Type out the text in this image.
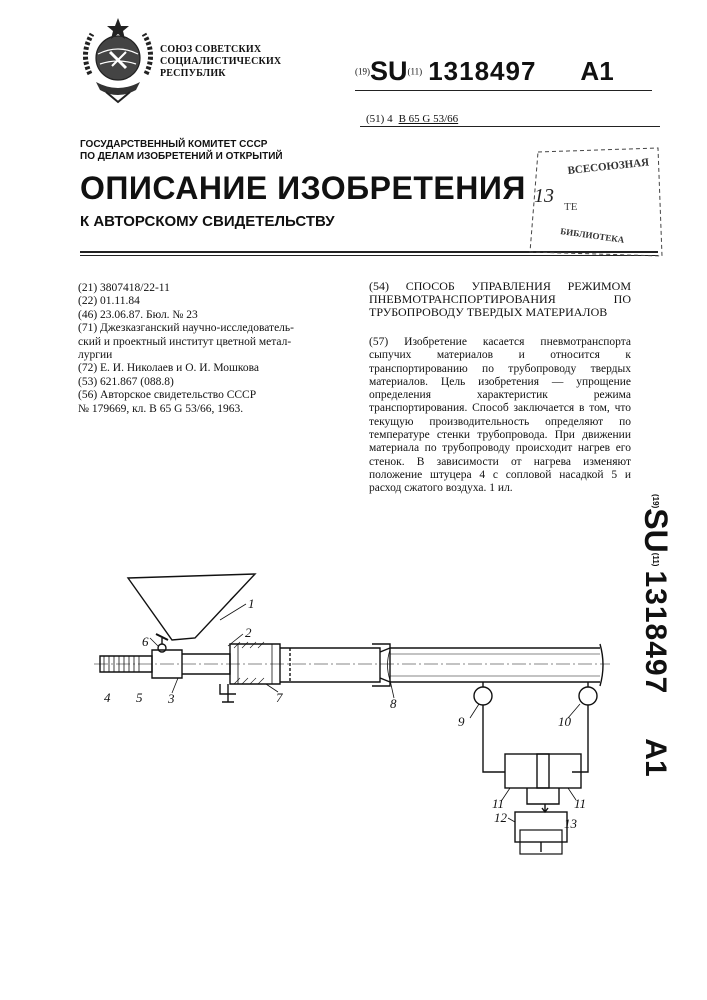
СОЮЗ СОВЕТСКИХ
СОЦИАЛИСТИЧЕСКИХ
РЕСПУБЛИК	(19)SU(11) 1318497 A1
(51) 4 B 65 G 53/66
ГОСУДАРСТВЕННЫЙ КОМИТЕТ СССР
ПО ДЕЛАМ ИЗОБРЕТЕНИЙ И ОТКРЫТИЙ
ОПИСАНИЕ ИЗОБРЕТЕНИЯ
К АВТОРСКОМУ СВИДЕТЕЛЬСТВУ
ВСЕСОЮЗНАЯ
13 ТЕ
БИБЛИОТЕКА
(21) 3807418/22-11
(22) 01.11.84
(46) 23.06.87. Бюл. № 23
(71) Джезказганский научно-исследователь-
ский и проектный институт цветной метал-
лургии
(72) Е. И. Николаев и О. И. Мошкова
(53) 621.867 (088.8)
(56) Авторское свидетельство СССР
№ 179669, кл. B 65 G 53/66, 1963.
(54) СПОСОБ УПРАВЛЕНИЯ РЕЖИМОМ ПНЕВМОТРАНСПОРТИРОВАНИЯ ПО ТРУБОПРОВОДУ ТВЕРДЫХ МАТЕРИАЛОВ
(57) Изобретение касается пневмотранспорта сыпучих материалов и относится к транспортированию по трубопроводу твердых материалов. Цель изобретения — упрощение определения характеристик режима транспортирования. Способ заключается в том, что текущую производительность определяют по температуре стенки трубопровода. При движении материала по трубопроводу происходит нагрев его стенок. В зависимости от нагрева изменяют положение штуцера 4 с сопловой насадкой 5 и расход сжатого воздуха. 1 ил.
(19)SU(11)1318497A1
1
2
3
4 5
6
7	8
9	10
11	11
12	13
